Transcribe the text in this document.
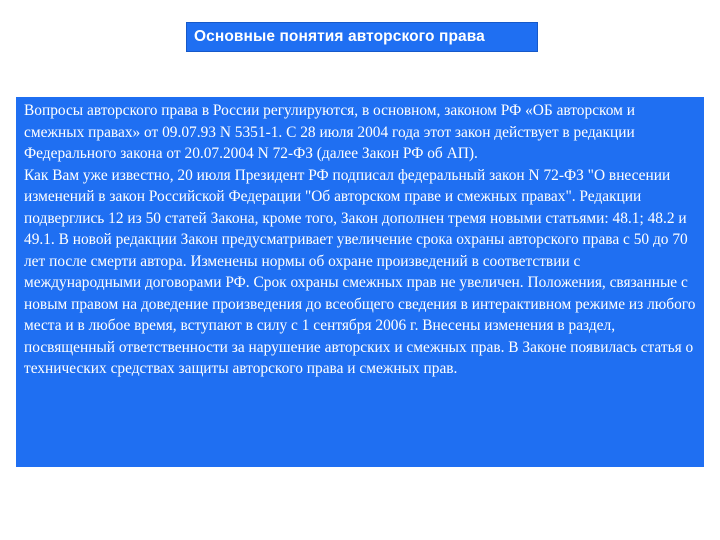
Основные понятия авторского права

Вопросы авторского права в России регулируются, в основном, законом РФ «ОБ авторском и смежных правах» от 09.07.93 N 5351-1. С 28 июля 2004 года этот закон действует в редакции Федерального закона от 20.07.2004 N 72-ФЗ (далее Закон РФ об АП).

Как Вам уже известно, 20 июля Президент РФ подписал федеральный закон N 72-ФЗ "О внесении изменений в закон Российской Федерации "Об авторском праве и смежных правах". Редакции подверглись 12 из 50 статей Закона, кроме того, Закон дополнен тремя новыми статьями: 48.1; 48.2 и 49.1. В новой редакции Закон предусматривает увеличение срока охраны авторского права с 50 до 70 лет после смерти автора. Изменены нормы об охране произведений в соответствии с международными договорами РФ. Срок охраны смежных прав не увеличен. Положения, связанные с новым правом на доведение произведения до всеобщего сведения в интерактивном режиме из любого места и в любое время, вступают в силу с 1 сентября 2006 г. Внесены изменения в раздел, посвященный ответственности за нарушение авторских и смежных прав. В Законе появилась статья о технических средствах защиты авторского права и смежных прав.
